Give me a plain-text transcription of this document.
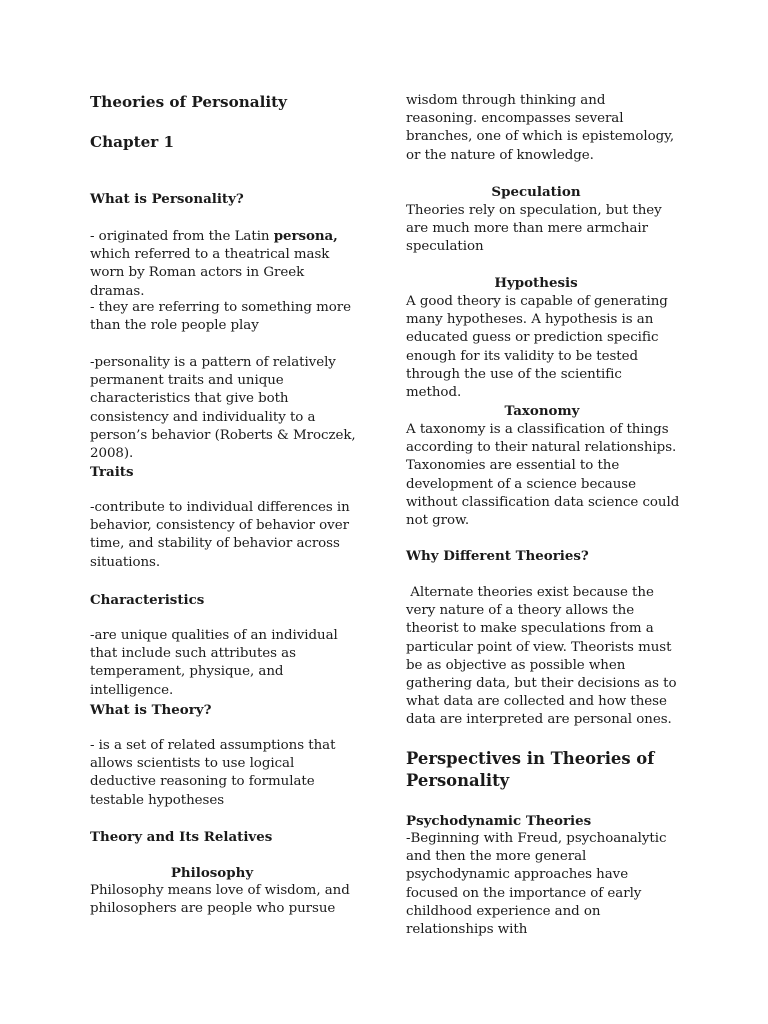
Theories of Personality

Chapter 1

What is Personality?

- originated from the Latin persona, which referred to a theatrical mask worn by Roman actors in Greek dramas.

- they are referring to something more than the role people play

-personality is a pattern of relatively permanent traits and unique characteristics that give both consistency and individuality to a person’s behavior (Roberts & Mroczek, 2008).

Traits

-contribute to individual differences in behavior, consistency of behavior over time, and stability of behavior across situations.

Characteristics

-are unique qualities of an individual that include such attributes as temperament, physique, and intelligence.

What is Theory?

- is a set of related assumptions that allows scientists to use logical deductive reasoning to formulate testable hypotheses

Theory and Its Relatives

Philosophy

Philosophy means love of wisdom, and philosophers are people who pursue

wisdom through thinking and reasoning. encompasses several branches, one of which is epistemology, or the nature of knowledge.

Speculation

Theories rely on speculation, but they are much more than mere armchair speculation

Hypothesis

A good theory is capable of generating many hypotheses. A hypothesis is an educated guess or prediction specific enough for its validity to be tested through the use of the scientific method.

Taxonomy

A taxonomy is a classification of things according to their natural relationships. Taxonomies are essential to the development of a science because without classification data science could not grow.

Why Different Theories?

Alternate theories exist because the very nature of a theory allows the theorist to make speculations from a particular point of view. Theorists must be as objective as possible when gathering data, but their decisions as to what data are collected and how these data are interpreted are personal ones.

Perspectives in Theories of Personality

Psychodynamic Theories

-Beginning with Freud, psychoanalytic and then the more general psychodynamic approaches have focused on the importance of early childhood experience and on relationships with
